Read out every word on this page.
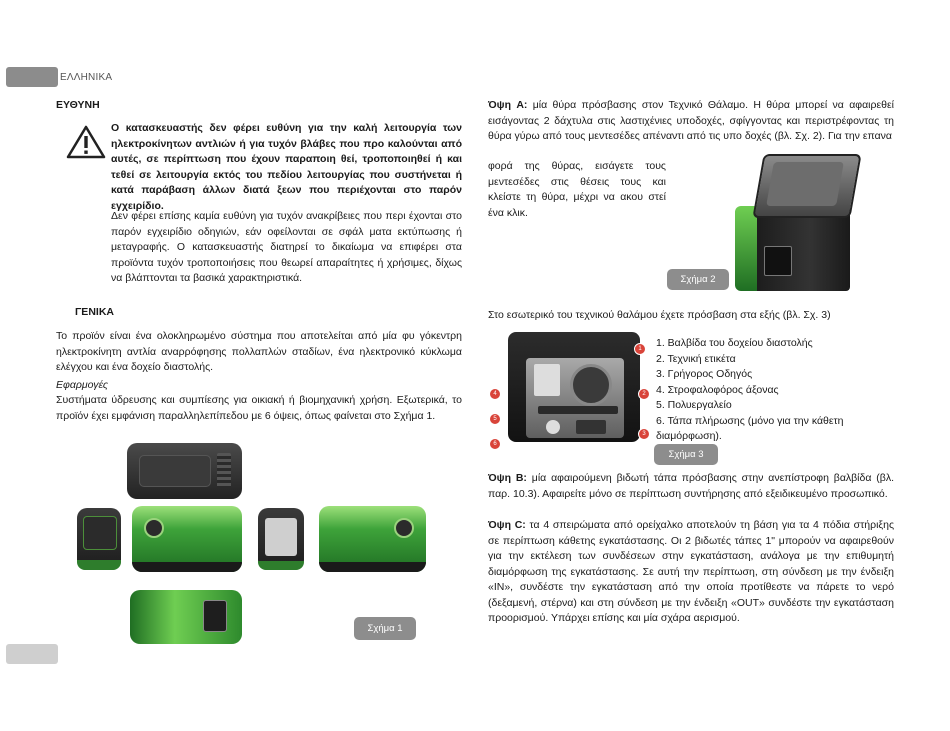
ΕΛΛΗΝΙΚΑ
ΕΥΘΥΝΗ
Ο κατασκευαστής δεν φέρει ευθύνη για την καλή λειτουργία των ηλεκτροκίνητων αντλιών ή για τυχόν βλάβες που προ καλούνται από αυτές, σε περίπτωση που έχουν παραποιη θεί, τροποποιηθεί ή και τεθεί σε λειτουργία εκτός του πεδίου λειτουργίας που συστήνεται ή κατά παράβαση άλλων διατά ξεων που περιέχονται στο παρόν εγχειρίδιο.
Δεν φέρει επίσης καμία ευθύνη για τυχόν ανακρίβειες που περι έχονται στο παρόν εγχειρίδιο οδηγιών, εάν οφείλονται σε σφάλ ματα εκτύπωσης ή μεταγραφής. Ο κατασκευαστής διατηρεί το δικαίωμα να επιφέρει στα προϊόντα τυχόν τροποποιήσεις που θεωρεί απαραίτητες ή χρήσιμες, δίχως να βλάπτονται τα βασικά χαρακτηριστικά.
ΓΕΝΙΚΑ
Το προϊόν είναι ένα ολοκληρωμένο σύστημα που αποτελείται από μία φυ γόκεντρη ηλεκτροκίνητη αντλία αναρρόφησης πολλαπλών σταδίων, ένα ηλεκτρονικό κύκλωμα ελέγχου και ένα δοχείο διαστολής.
Εφαρμογές
Συστήματα ύδρευσης και συμπίεσης για οικιακή ή βιομηχανική χρήση. Εξωτερικά, το προϊόν έχει εμφάνιση παραλληλεπίπεδου με 6 όψεις, όπως φαίνεται στο Σχήμα 1.
Σχήμα 1
Όψη A: μία θύρα πρόσβασης στον Τεχνικό Θάλαμο. Η θύρα μπορεί να αφαιρεθεί εισάγοντας 2 δάχτυλα στις λαστιχένιες υποδοχές, σφίγγοντας και περιστρέφοντας τη θύρα γύρω από τους μεντεσέδες απέναντι από τις υπο δοχές (βλ. Σχ. 2). Για την επανα
φορά της θύρας, εισάγετε τους μεντεσέδες στις θέσεις τους και κλείστε τη θύρα, μέχρι να ακου στεί ένα κλικ.
Σχήμα 2
Στο εσωτερικό του τεχνικού θαλάμου έχετε πρόσβαση στα εξής (βλ. Σχ. 3)
1
2
3
4
5
6
1. Βαλβίδα του δοχείου διαστολής
2. Τεχνική ετικέτα
3. Γρήγορος Οδηγός
4. Στροφαλοφόρος άξονας
5. Πολυεργαλείο
6. Τάπα πλήρωσης (μόνο για την κάθετη διαμόρφωση).
Σχήμα 3
Όψη B: μία αφαιρούμενη βιδωτή τάπα πρόσβασης στην ανεπίστροφη βαλβίδα (βλ. παρ. 10.3). Αφαιρείτε μόνο σε περίπτωση συντήρησης από εξειδικευμένο προσωπικό.
Όψη C: τα 4 σπειρώματα από ορείχαλκο αποτελούν τη βάση για τα 4 πόδια στήριξης σε περίπτωση κάθετης εγκατάστασης. Οι 2 βιδωτές τάπες 1" μπορούν να αφαιρεθούν για την εκτέλεση των συνδέσεων στην εγκατάσταση, ανάλογα με την επιθυμητή διαμόρφωση της εγκατάστασης. Σε αυτή την περίπτωση, στη σύνδεση με την ένδειξη «IN», συνδέστε την εγκατάσταση από την οποία προτίθεστε να πάρετε το νερό (δεξαμενή, στέρνα) και στη σύνδεση με την ένδειξη «OUT» συνδέστε την εγκατάσταση προορισμού. Υπάρχει επίσης και μία σχάρα αερισμού.
